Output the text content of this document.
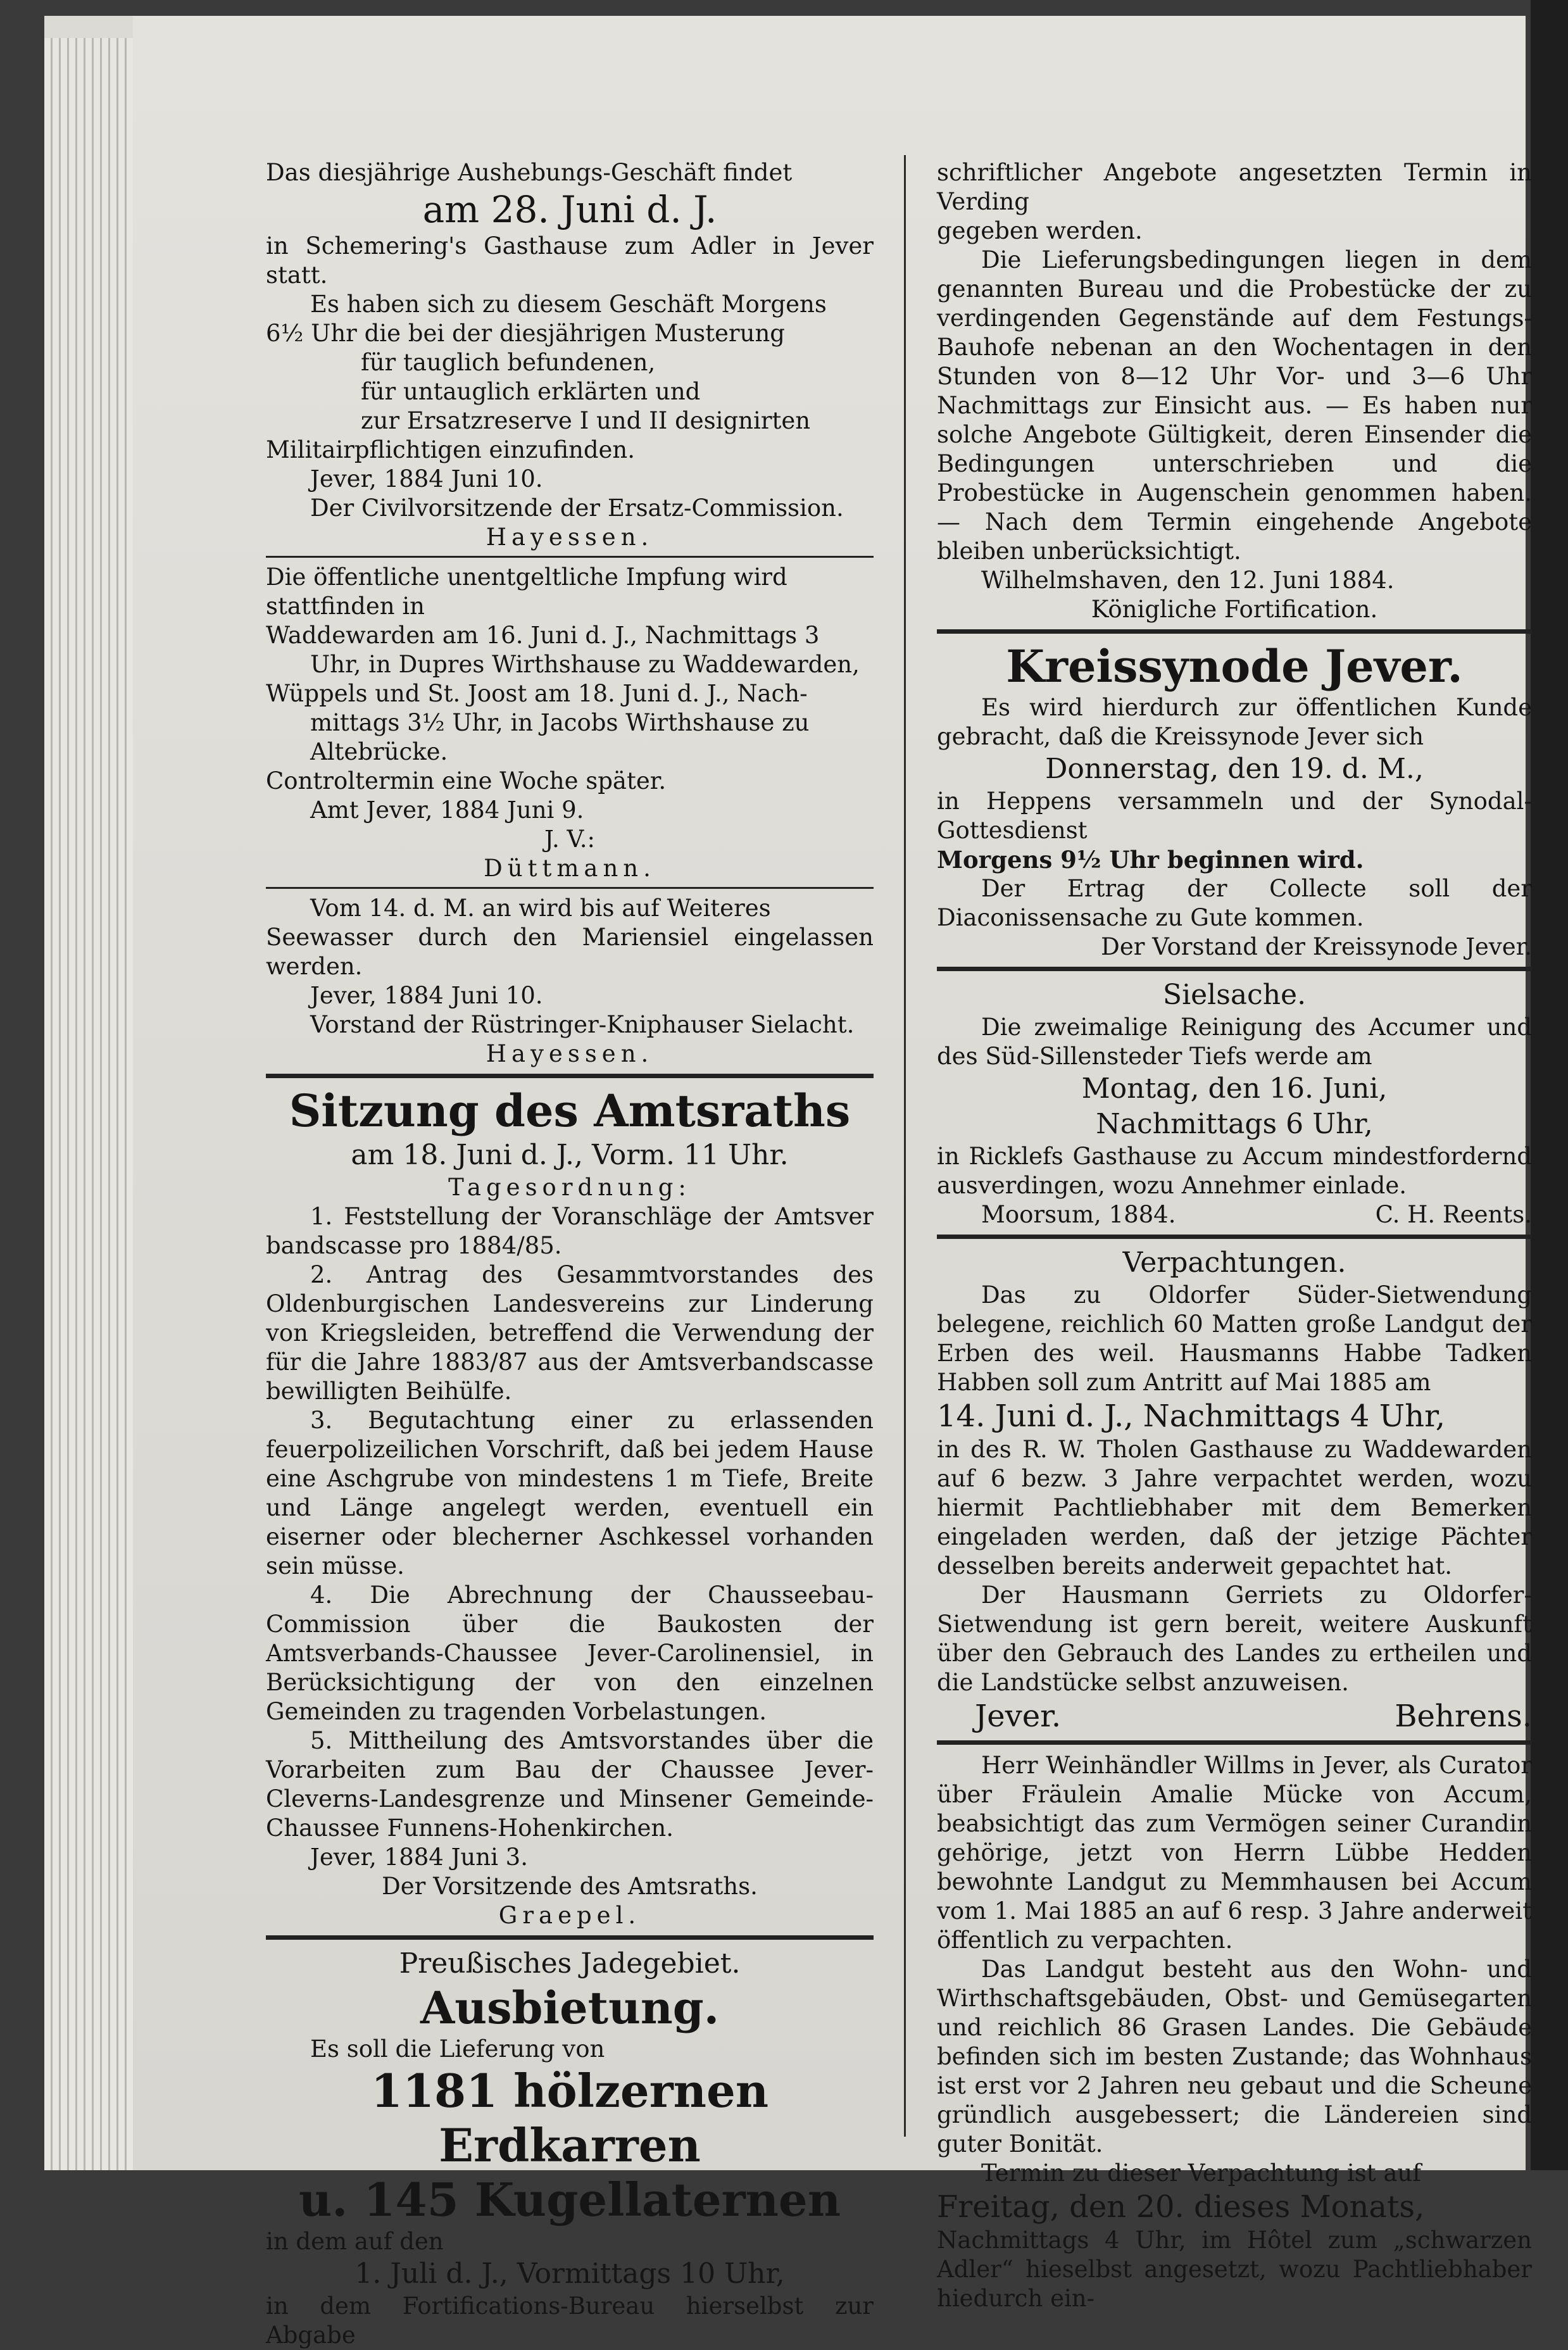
Das diesjährige Aushebungs-Geschäft findet

am 28. Juni d. J.

in Schemering's Gasthause zum Adler in Jever statt.

Es haben sich zu diesem Geschäft Morgens

6½ Uhr die bei der diesjährigen Musterung

für tauglich befundenen,

für untauglich erklärten und

zur Ersatzreserve I und II designirten

Militairpflichtigen einzufinden.

Jever, 1884 Juni 10.

Der Civilvorsitzende der Ersatz-Commission.

Hayessen.

Die öffentliche unentgeltliche Impfung wird

stattfinden in

Waddewarden am 16. Juni d. J., Nachmittags 3

Uhr, in Dupres Wirthshause zu Waddewarden,

Wüppels und St. Joost am 18. Juni d. J., Nach-

mittags 3½ Uhr, in Jacobs Wirthshause zu

Altebrücke.

Controltermin eine Woche später.

Amt Jever, 1884 Juni 9.

J. V.:

Düttmann.

Vom 14. d. M. an wird bis auf Weiteres

Seewasser durch den Mariensiel eingelassen werden.

Jever, 1884 Juni 10.

Vorstand der Rüstringer-Kniphauser Sielacht.

Hayessen.

Sitzung des Amtsraths

am 18. Juni d. J., Vorm. 11 Uhr.

Tagesordnung:

1. Feststellung der Voranschläge der Amtsver bandscasse pro 1884/85.

2. Antrag des Gesammtvorstandes des Oldenburgischen Landesvereins zur Linderung von Kriegsleiden, betreffend die Verwendung der für die Jahre 1883/87 aus der Amtsverbandscasse bewilligten Beihülfe.

3. Begutachtung einer zu erlassenden feuerpolizeilichen Vorschrift, daß bei jedem Hause eine Aschgrube von mindestens 1 m Tiefe, Breite und Länge angelegt werden, eventuell ein eiserner oder blecherner Aschkessel vorhanden sein müsse.

4. Die Abrechnung der Chausseebau-Commission über die Baukosten der Amtsverbands-Chaussee Jever-Carolinensiel, in Berücksichtigung der von den einzelnen Gemeinden zu tragenden Vorbelastungen.

5. Mittheilung des Amtsvorstandes über die Vorarbeiten zum Bau der Chaussee Jever-Cleverns-Landesgrenze und Minsener Gemeinde-Chaussee Funnens-Hohenkirchen.

Jever, 1884 Juni 3.

Der Vorsitzende des Amtsraths.

Graepel.

Preußisches Jadegebiet.

Ausbietung.

Es soll die Lieferung von

1181 hölzernen Erdkarren

u. 145 Kugellaternen

in dem auf den

1. Juli d. J., Vormittags 10 Uhr,

in dem Fortifications-Bureau hierselbst zur Abgabe

schriftlicher Angebote angesetzten Termin in Verding

gegeben werden.

Die Lieferungsbedingungen liegen in dem genannten Bureau und die Probestücke der zu verdingenden Gegenstände auf dem Festungs-Bauhofe nebenan an den Wochentagen in den Stunden von 8—12 Uhr Vor- und 3—6 Uhr Nachmittags zur Einsicht aus. — Es haben nur solche Angebote Gültigkeit, deren Einsender die Bedingungen unterschrieben und die Probestücke in Augenschein genommen haben. — Nach dem Termin eingehende Angebote bleiben unberücksichtigt.

Wilhelmshaven, den 12. Juni 1884.

Königliche Fortification.

Kreissynode Jever.

Es wird hierdurch zur öffentlichen Kunde gebracht, daß die Kreissynode Jever sich

Donnerstag, den 19. d. M.,

in Heppens versammeln und der Synodal-Gottesdienst

Morgens 9½ Uhr beginnen wird.

Der Ertrag der Collecte soll der Diaconissensache zu Gute kommen.

Der Vorstand der Kreissynode Jever.

Sielsache.

Die zweimalige Reinigung des Accumer und des Süd-Sillensteder Tiefs werde am

Montag, den 16. Juni,

Nachmittags 6 Uhr,

in Ricklefs Gasthause zu Accum mindestfordernd ausverdingen, wozu Annehmer einlade.

Moorsum, 1884.	C. H. Reents.

Verpachtungen.

Das zu Oldorfer Süder-Sietwendung belegene, reichlich 60 Matten große Landgut der Erben des weil. Hausmanns Habbe Tadken Habben soll zum Antritt auf Mai 1885 am

14. Juni d. J., Nachmittags 4 Uhr,

in des R. W. Tholen Gasthause zu Waddewarden auf 6 bezw. 3 Jahre verpachtet werden, wozu hiermit Pachtliebhaber mit dem Bemerken eingeladen werden, daß der jetzige Pächter desselben bereits anderweit gepachtet hat.

Der Hausmann Gerriets zu Oldorfer-Sietwendung ist gern bereit, weitere Auskunft über den Gebrauch des Landes zu ertheilen und die Landstücke selbst anzuweisen.

Jever.	Behrens.

Herr Weinhändler Willms in Jever, als Curator über Fräulein Amalie Mücke von Accum, beabsichtigt das zum Vermögen seiner Curandin gehörige, jetzt von Herrn Lübbe Hedden bewohnte Landgut zu Memmhausen bei Accum vom 1. Mai 1885 an auf 6 resp. 3 Jahre anderweit öffentlich zu verpachten.

Das Landgut besteht aus den Wohn- und Wirthschaftsgebäuden, Obst- und Gemüsegarten und reichlich 86 Grasen Landes. Die Gebäude befinden sich im besten Zustande; das Wohnhaus ist erst vor 2 Jahren neu gebaut und die Scheune gründlich ausgebessert; die Ländereien sind guter Bonität.

Termin zu dieser Verpachtung ist auf

Freitag, den 20. dieses Monats,

Nachmittags 4 Uhr, im Hôtel zum „schwarzen Adler“ hieselbst angesetzt, wozu Pachtliebhaber hiedurch ein-
